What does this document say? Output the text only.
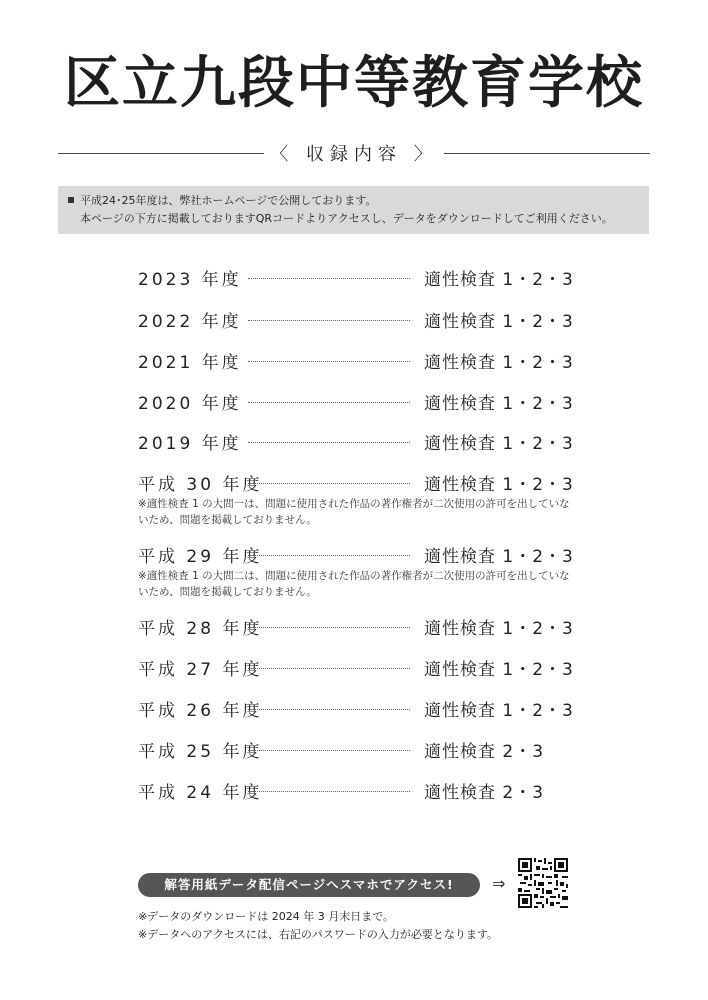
区立九段中等教育学校
〈 収録内容 〉
平成24･25年度は、弊社ホームページで公開しております。
本ページの下方に掲載しておりますQRコードよりアクセスし、データをダウンロードしてご利用ください。
2023 年度	適性検査 1・2・3
2022 年度	適性検査 1・2・3
2021 年度	適性検査 1・2・3
2020 年度	適性検査 1・2・3
2019 年度	適性検査 1・2・3
平成 30 年度	適性検査 1・2・3
※適性検査 1 の大問一は、問題に使用された作品の著作権者が二次使用の許可を出していないため、問題を掲載しておりません。
平成 29 年度	適性検査 1・2・3
※適性検査 1 の大問二は、問題に使用された作品の著作権者が二次使用の許可を出していないため、問題を掲載しておりません。
平成 28 年度	適性検査 1・2・3
平成 27 年度	適性検査 1・2・3
平成 26 年度	適性検査 1・2・3
平成 25 年度	適性検査 2・3
平成 24 年度	適性検査 2・3
解答用紙データ配信ページへスマホでアクセス!	⇒
※データのダウンロードは 2024 年 3 月末日まで。
※データへのアクセスには、右記のパスワードの入力が必要となります。
